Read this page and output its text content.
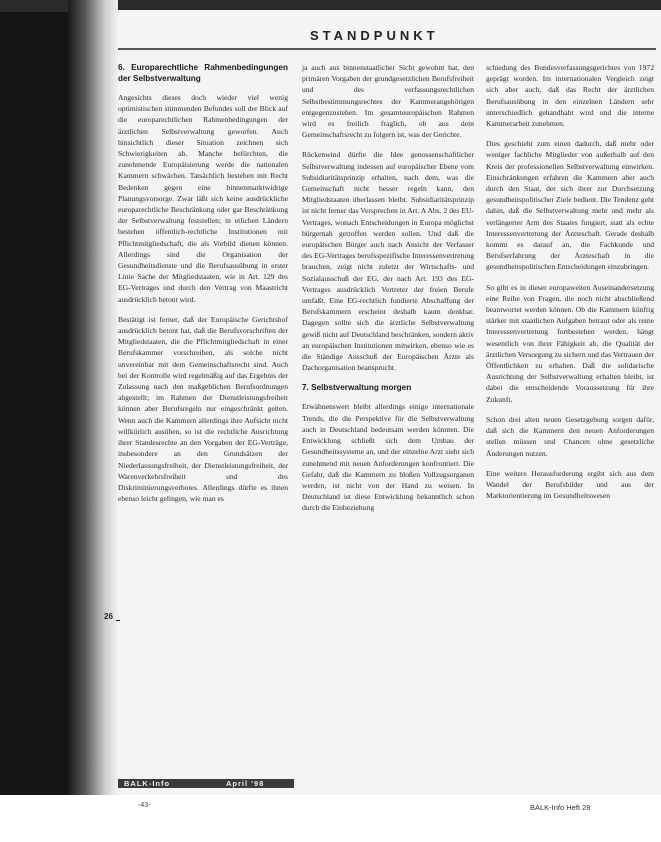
STANDPUNKT
6. Europarechtliche Rahmenbedingungen der Selbstverwaltung

Angesichts dieses doch wieder viel wenig optimistischen stimmenden Befundes soll der Blick auf die europarechtlichen Rahmenbedingungen der ärztlichen Selbstverwaltung geworfen. Auch hinsichtlich dieser Situation zeichnen sich Schwierigkeiten ab. Manche befürchten, die zunehmende Europäisierung werde die nationalen Kammern schwächen. Tatsächlich bestehen mit Recht Bedenken gegen eine binnenmarktwidrige Planungsvorsorge. Zwar läßt sich keine ausdrückliche europarechtliche Beschränkung oder gar Beschränkung der Selbstverwaltung feststellen; in etlichen Ländern bestehen öffentlich-rechtliche Institutionen mit Pflichtmitgliedschaft, die als Vorbild dienen können. Allerdings sind die Organisation der Gesundheitsdienste und die Berufsausübung in erster Linie Sache der Mitgliedstaaten, wie in Art. 129 des EG-Vertrages und durch den Vertrag von Maastricht ausdrücklich betont wird.

Bestätigt ist ferner, daß der Europäische Gerichtshof ausdrücklich betont hat, daß die Berufsvorschriften der Mitgliedstaaten, die die Pflichtmitgliedschaft in einer Berufskammer vorschreiben, als solche nicht unvereinbar mit dem Gemeinschaftsrecht sind. Auch bei der Kontrolle wird regelmäßig auf das Ergebnis der Zulassung nach den maßgeblichen Berufsordnungen abgestellt; im Rahmen der Dienstleistungsfreiheit können aber Berufsregeln nur eingeschränkt gelten. Wenn auch die Kammern allerdings ihre Aufsicht nicht willkürlich ausüben, so ist die rechtliche Ausrichtung ihrer Standesrechte an den Vorgaben der EG-Verträge, insbesondere an den Grundsätzen der Niederlassungsfreiheit, der Dienstleistungsfreiheit, der Warenverkehrsfreiheit und des Diskriminierungsverbotes. Allerdings dürfte es ihnen ebenso leicht gelingen, wie man es

ja auch aus binnenstaatlicher Sicht gewohnt hat, den primären Vorgaben der grundgesetzlichen Berufsfreiheit und des verfassungsrechtlichen Selbstbestimmungsrechtes der Kammerangehörigen entgegenzustehen. Im gesamteuropäischen Rahmen wird es freilich fraglich, ob aus dem Gemeinschaftsrecht zu folgern ist, was der Gerichte.

Rückenwind dürfte die Idee genossenschaftlicher Selbstverwaltung indessen auf europäischer Ebene vom Subsidiaritätsprinzip erhalten, nach dem, was die Gemeinschaft nicht besser regeln kann, den Mitgliedstaaten überlassen bleibt. Subsidiaritätsprinzip ist nicht ferner das Versprechen in Art. A Abs. 2 des EU-Vertrages, wonach Entscheidungen in Europa möglichst bürgernah getroffen werden sollen. Und daß die europäischen Bürger auch nach Ansicht der Verfasser des EG-Vertrages berufsspezifische Interessenvertretung brauchen, zeigt nicht zuletzt der Wirtschafts- und Sozialausschuß der EG, der nach Art. 193 des EG-Vertrages ausdrücklich Vertreter der freien Berufe umfaßt. Eine EG-rechtlich fundierte Abschaffung der Berufskammern erscheint deshalb kaum denkbar. Dagegen sollte sich die ärztliche Selbstverwaltung gewiß nicht auf Deutschland beschränken, sondern aktiv an europäischen Institutionen mitwirken, ebenso wie es die Ständige Ausschuß der Europäischen Ärzte als Dachorganisation beansprucht.

7. Selbstverwaltung morgen

Erwähnenswert bleibt allerdings einige internationale Trends, die die Perspektive für die Selbstverwaltung auch in Deutschland bedeutsam werden könnten. Die Entwicklung schließt sich dem Umbau der Gesundheitssysteme an, und der einzelne Arzt sieht sich zunehmend mit neuen Anforderungen konfrontiert. Die Gefahr, daß die Kammern zu bloßen Vollzugsorganen werden, ist nicht von der Hand zu weisen. In Deutschland ist diese Entwicklung bekanntlich schon durch die Einbeziehung

schiedung des Bundesverfassungsgerichtes von 1972 geprägt worden. Im internationalen Vergleich zeigt sich aber auch, daß das Recht der ärztlichen Berufsausübung in den einzelnen Ländern sehr unterschiedlich gehandhabt wird und die interne Kammerarbeit zunehmen.

Dies geschieht zum einen dadurch, daß mehr oder weniger fachliche Mitglieder von außerhalb auf den Kreis der professionellen Selbstverwaltung einwirken. Einschränkungen erfahren die Kammern aber auch durch den Staat, der sich ihrer zur Durchsetzung gesundheitspolitischer Ziele bedient. Die Tendenz geht dahin, daß die Selbstverwaltung mehr und mehr als verlängerter Arm des Staates fungiert, statt als echte Interessenvertretung der Ärzteschaft. Gerade deshalb kommt es darauf an, die Fachkunde und Berufserfahrung der Ärzteschaft in die gesundheitspolitischen Entscheidungen einzubringen.

So gibt es in dieser europaweiten Auseinandersetzung eine Reihe von Fragen, die noch nicht abschließend beantwortet werden können. Ob die Kammern künftig stärker mit staatlichen Aufgaben betraut oder als reine Interessenvertretung fortbestehen werden, hängt wesentlich von ihrer Fähigkeit ab, die Qualität der ärztlichen Versorgung zu sichern und das Vertrauen der Öffentlichkeit zu erhalten. Daß die solidarische Ausrichtung der Selbstverwaltung erhalten bleibt, ist dabei die entscheidende Voraussetzung für ihre Zukunft.

Schon drei alten neuen Gesetzgebung sorgen dafür, daß sich die Kammern den neuen Anforderungen stellen müssen und Chancen ohne gesetzliche Änderungen nutzen.

Eine weitere Herausforderung ergibt sich aus dem Wandel der Berufsbilder und aus der Marktorientierung im Gesundheitswesen

26
BALK-Info	April '98
-43-	BALK-Info Heft 28
